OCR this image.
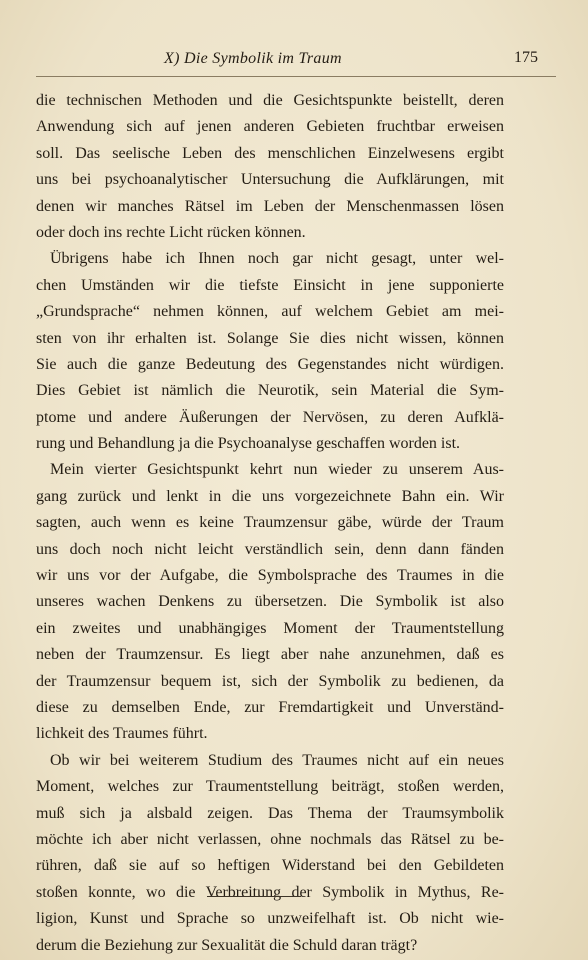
X) Die Symbolik im Traum	175
die technischen Methoden und die Gesichtspunkte beistellt, deren
Anwendung sich auf jenen anderen Gebieten fruchtbar erweisen
soll. Das seelische Leben des menschlichen Einzelwesens ergibt
uns bei psychoanalytischer Untersuchung die Aufklärungen, mit
denen wir manches Rätsel im Leben der Menschenmassen lösen
oder doch ins rechte Licht rücken können.
Übrigens habe ich Ihnen noch gar nicht gesagt, unter wel-
chen Umständen wir die tiefste Einsicht in jene supponierte
„Grundsprache“ nehmen können, auf welchem Gebiet am mei-
sten von ihr erhalten ist. Solange Sie dies nicht wissen, können
Sie auch die ganze Bedeutung des Gegenstandes nicht würdigen.
Dies Gebiet ist nämlich die Neurotik, sein Material die Sym-
ptome und andere Äußerungen der Nervösen, zu deren Aufklä-
rung und Behandlung ja die Psychoanalyse geschaffen worden ist.
Mein vierter Gesichtspunkt kehrt nun wieder zu unserem Aus-
gang zurück und lenkt in die uns vorgezeichnete Bahn ein. Wir
sagten, auch wenn es keine Traumzensur gäbe, würde der Traum
uns doch noch nicht leicht verständlich sein, denn dann fänden
wir uns vor der Aufgabe, die Symbolsprache des Traumes in die
unseres wachen Denkens zu übersetzen. Die Symbolik ist also
ein zweites und unabhängiges Moment der Traumentstellung
neben der Traumzensur. Es liegt aber nahe anzunehmen, daß es
der Traumzensur bequem ist, sich der Symbolik zu bedienen, da
diese zu demselben Ende, zur Fremdartigkeit und Unverständ-
lichkeit des Traumes führt.
Ob wir bei weiterem Studium des Traumes nicht auf ein neues
Moment, welches zur Traumentstellung beiträgt, stoßen werden,
muß sich ja alsbald zeigen. Das Thema der Traumsymbolik
möchte ich aber nicht verlassen, ohne nochmals das Rätsel zu be-
rühren, daß sie auf so heftigen Widerstand bei den Gebildeten
stoßen konnte, wo die Verbreitung der Symbolik in Mythus, Re-
ligion, Kunst und Sprache so unzweifelhaft ist. Ob nicht wie-
derum die Beziehung zur Sexualität die Schuld daran trägt?
